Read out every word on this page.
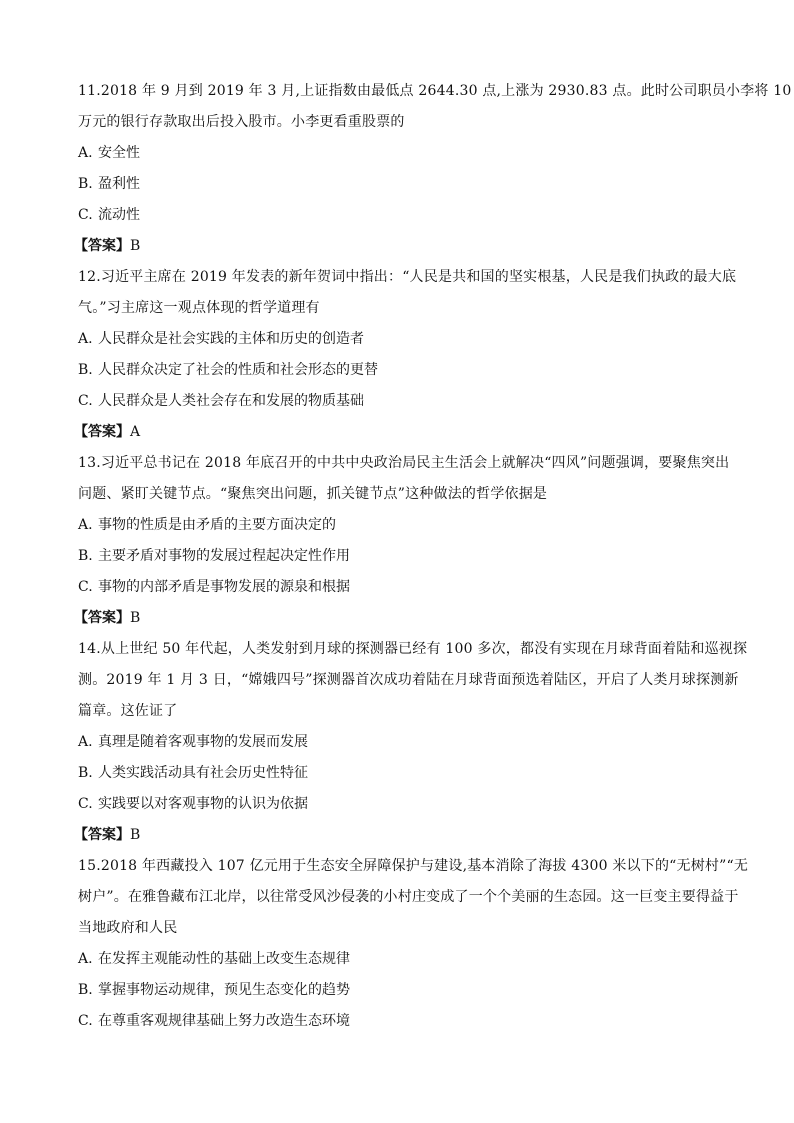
11.2018 年 9 月到 2019 年 3 月,上证指数由最低点 2644.30 点,上涨为 2930.83 点。此时公司职员小李将 10
万元的银行存款取出后投入股市。小李更看重股票的
A. 安全性
B. 盈利性
C. 流动性
【答案】B
12.习近平主席在 2019 年发表的新年贺词中指出：“人民是共和国的坚实根基，人民是我们执政的最大底
气。”习主席这一观点体现的哲学道理有
A. 人民群众是社会实践的主体和历史的创造者
B. 人民群众决定了社会的性质和社会形态的更替
C. 人民群众是人类社会存在和发展的物质基础
【答案】A
13.习近平总书记在 2018 年底召开的中共中央政治局民主生活会上就解决“四风”问题强调，要聚焦突出
问题、紧盯关键节点。“聚焦突出问题，抓关键节点”这种做法的哲学依据是
A. 事物的性质是由矛盾的主要方面决定的
B. 主要矛盾对事物的发展过程起决定性作用
C. 事物的内部矛盾是事物发展的源泉和根据
【答案】B
14.从上世纪 50 年代起，人类发射到月球的探测器已经有 100 多次，都没有实现在月球背面着陆和巡视探
测。2019 年 1 月 3 日，“嫦娥四号”探测器首次成功着陆在月球背面预选着陆区，开启了人类月球探测新
篇章。这佐证了
A. 真理是随着客观事物的发展而发展
B. 人类实践活动具有社会历史性特征
C. 实践要以对客观事物的认识为依据
【答案】B
15.2018 年西藏投入 107 亿元用于生态安全屏障保护与建设,基本消除了海拔 4300 米以下的“无树村”“无
树户”。在雅鲁藏布江北岸，以往常受风沙侵袭的小村庄变成了一个个美丽的生态园。这一巨变主要得益于
当地政府和人民
A. 在发挥主观能动性的基础上改变生态规律
B. 掌握事物运动规律，预见生态变化的趋势
C. 在尊重客观规律基础上努力改造生态环境
